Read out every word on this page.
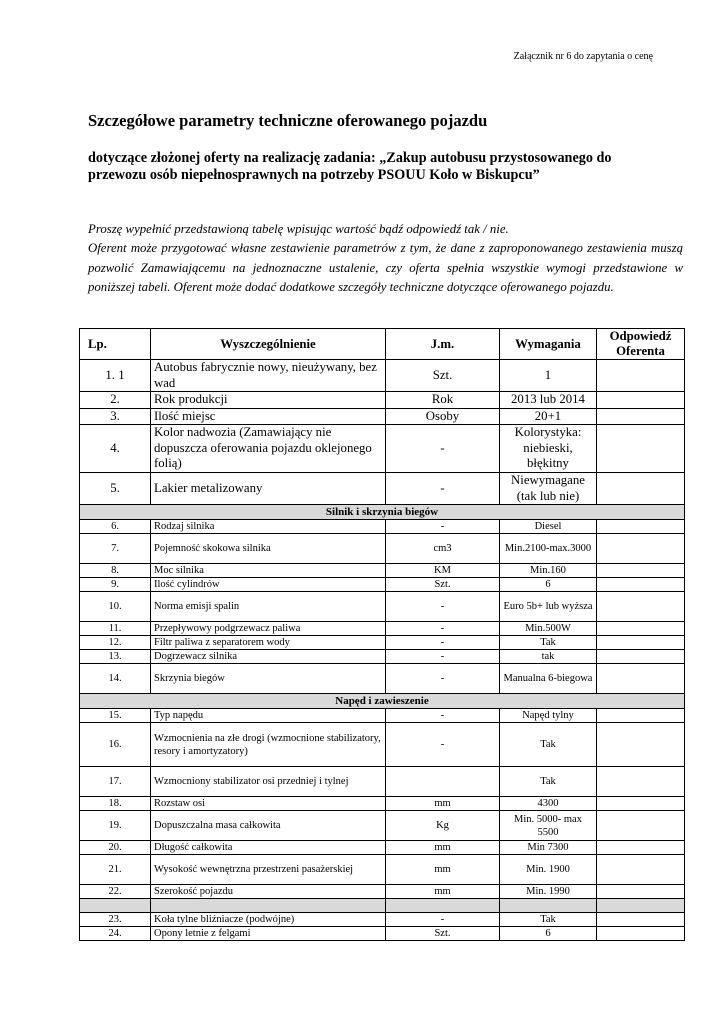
Załącznik nr 6 do zapytania o cenę
Szczegółowe parametry techniczne oferowanego pojazdu
dotyczące złożonej oferty na realizację zadania: „Zakup autobusu przystosowanego do przewozu osób niepełnosprawnych na potrzeby PSOUU Koło w Biskupcu”

Proszę wypełnić przedstawioną tabelę wpisując wartość bądź odpowiedź tak / nie.

Oferent może przygotować własne zestawienie parametrów z tym, że dane z zaproponowanego zestawienia muszą pozwolić Zamawiającemu na jednoznaczne ustalenie, czy oferta spełnia wszystkie wymogi przedstawione w poniższej tabeli. Oferent może dodać dodatkowe szczegóły techniczne dotyczące oferowanego pojazdu.

Lp.	Wyszczególnienie	J.m.	Wymagania	Odpowiedź Oferenta
1. 1	Autobus fabrycznie nowy, nieużywany, bez wad	Szt.	1	
2.	Rok produkcji	Rok	2013 lub 2014	
3.	Ilość miejsc	Osoby	20+1	
4.	Kolor nadwozia (Zamawiający nie dopuszcza oferowania pojazdu oklejonego folią)	-	Kolorystyka: niebieski, błękitny	
5.	Lakier metalizowany	-	Niewymagane (tak lub nie)	
Silnik i skrzynia biegów				
6.	Rodzaj silnika	-	Diesel	
7.	Pojemność skokowa silnika	cm3	Min.2100-max.3000	
8.	Moc silnika	KM	Min.160	
9.	Ilość cylindrów	Szt.	6	
10.	Norma emisji spalin	-	Euro 5b+ lub wyższa	
11.	Przepływowy podgrzewacz paliwa	-	Min.500W	
12.	Filtr paliwa z separatorem wody	-	Tak	
13.	Dogrzewacz silnika	-	tak	
14.	Skrzynia biegów	-	Manualna 6-biegowa	
Napęd i zawieszenie				
15.	Typ napędu	-	Napęd tylny	
16.	Wzmocnienia na złe drogi (wzmocnione stabilizatory, resory i amortyzatory)	-	Tak	
17.	Wzmocniony stabilizator osi przedniej i tylnej		Tak	
18.	Rozstaw osi	mm	4300	
19.	Dopuszczalna masa całkowita	Kg	Min. 5000- max 5500	
20.	Długość całkowita	mm	Min 7300	
21.	Wysokość wewnętrzna przestrzeni pasażerskiej	mm	Min. 1900	
22.	Szerokość pojazdu	mm	Min. 1990	

23.	Koła tylne bliźniacze (podwójne)	-	Tak	
24.	Opony letnie z felgami	Szt.	6	
